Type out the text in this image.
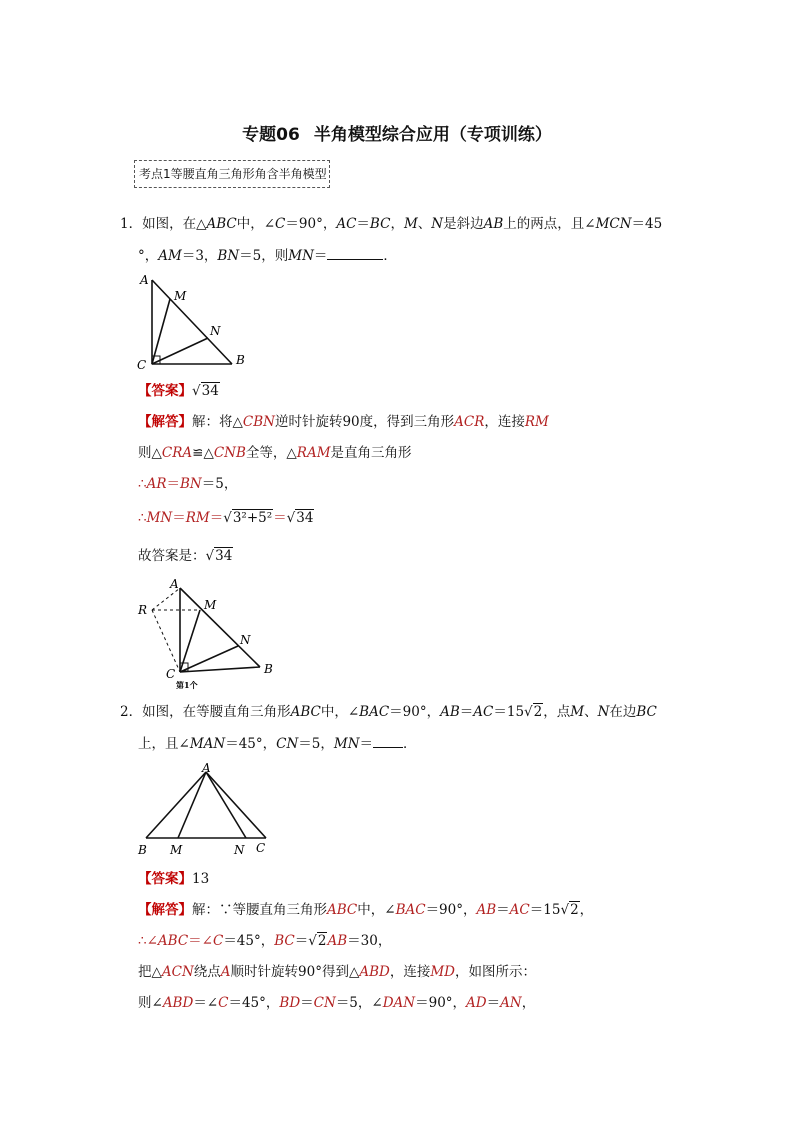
专题06 半角模型综合应用（专项训练）
考点1等腰直角三角形角含半角模型
1．如图，在△ABC中，∠C＝90°，AC＝BC，M、N是斜边AB上的两点，且∠MCN＝45
°，AM＝3，BN＝5，则MN＝	．
A
M
N
C	B
【答案】√34
【解答】解：将△CBN逆时针旋转90度，得到三角形ACR，连接RM
则△CRA≌△CNB全等，△RAM是直角三角形
∴AR＝BN＝5，
∴MN＝RM＝√3²+5²＝√34
故答案是：√34
A
R	M
N
C	B
第1个
2．如图，在等腰直角三角形ABC中，∠BAC＝90°，AB＝AC＝15√2，点M、N在边BC
上，且∠MAN＝45°，CN＝5，MN＝ ．
A
B M	N C
【答案】13
【解答】解：∵等腰直角三角形ABC中，∠BAC＝90°，AB＝AC＝15√2，
∴∠ABC＝∠C＝45°，BC＝√2AB＝30，
把△ACN绕点A顺时针旋转90°得到△ABD，连接MD，如图所示：
则∠ABD＝∠C＝45°，BD＝CN＝5，∠DAN＝90°，AD＝AN，
